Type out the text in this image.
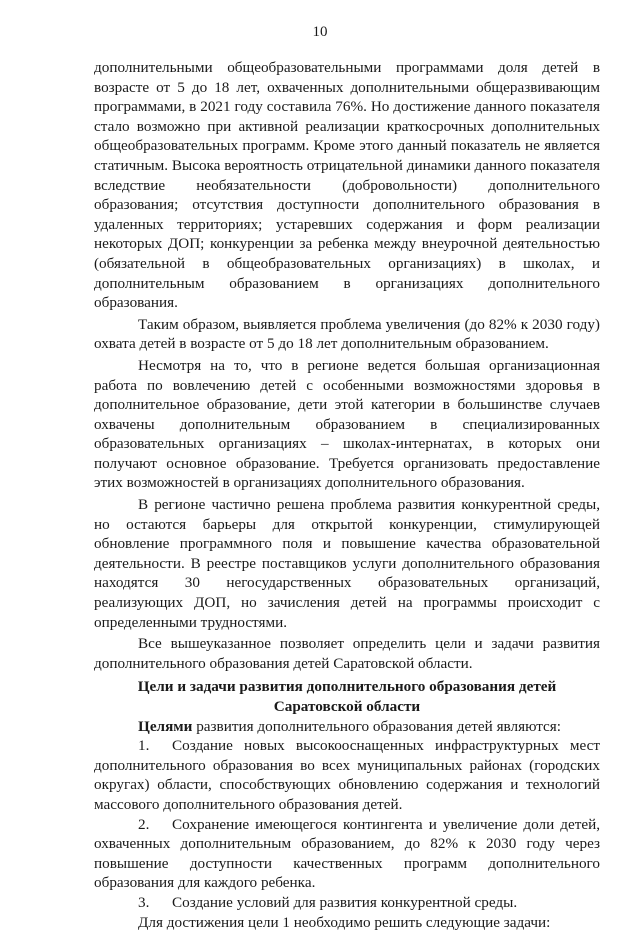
10

дополнительными общеобразовательными программами доля детей в возрасте от 5 до 18 лет, охваченных дополнительными общеразвивающим программами, в 2021 году составила 76%. Но достижение данного показателя стало возможно при активной реализации краткосрочных дополнительных общеобразовательных программ. Кроме этого данный показатель не является статичным. Высока вероятность отрицательной динамики данного показателя вследствие необязательности (добровольности) дополнительного образования; отсутствия доступности дополнительного образования в удаленных территориях; устаревших содержания и форм реализации некоторых ДОП; конкуренции за ребенка между внеурочной деятельностью (обязательной в общеобразовательных организациях) в школах, и дополнительным образованием в организациях дополнительного образования.

Таким образом, выявляется проблема увеличения (до 82% к 2030 году) охвата детей в возрасте от 5 до 18 лет дополнительным образованием.

Несмотря на то, что в регионе ведется большая организационная работа по вовлечению детей с особенными возможностями здоровья в дополнительное образование, дети этой категории в большинстве случаев охвачены дополнительным образованием в специализированных образовательных организациях – школах-интернатах, в которых они получают основное образование. Требуется организовать предоставление этих возможностей в организациях дополнительного образования.

В регионе частично решена проблема развития конкурентной среды, но остаются барьеры для открытой конкуренции, стимулирующей обновление программного поля и повышение качества образовательной деятельности. В реестре поставщиков услуги дополнительного образования находятся 30 негосударственных образовательных организаций, реализующих ДОП, но зачисления детей на программы происходит с определенными трудностями.

Все вышеуказанное позволяет определить цели и задачи развития дополнительного образования детей Саратовской области.

Цели и задачи развития дополнительного образования детей
Саратовской области

Целями развития дополнительного образования детей являются:

1. Создание новых высокооснащенных инфраструктурных мест дополнительного образования во всех муниципальных районах (городских округах) области, способствующих обновлению содержания и технологий массового дополнительного образования детей.

2. Сохранение имеющегося контингента и увеличение доли детей, охваченных дополнительным образованием, до 82% к 2030 году через повышение доступности качественных программ дополнительного образования для каждого ребенка.

3. Создание условий для развития конкурентной среды.

Для достижения цели 1 необходимо решить следующие задачи:
